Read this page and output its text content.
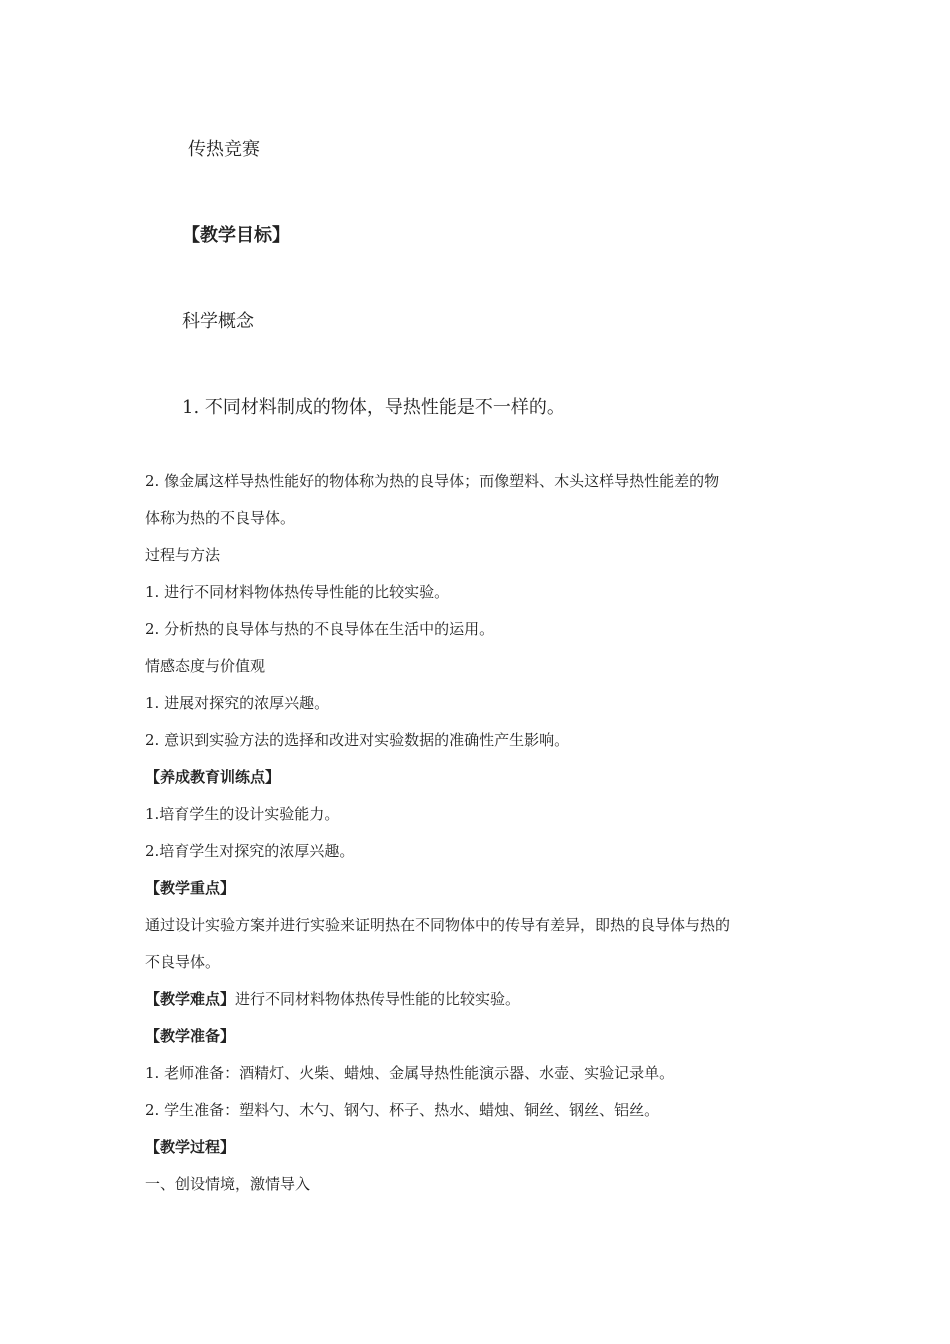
传热竞赛

【教学目标】

科学概念

1. 不同材料制成的物体，导热性能是不一样的。

2. 像金属这样导热性能好的物体称为热的良导体；而像塑料、木头这样导热性能差的物

体称为热的不良导体。

过程与方法

1. 进行不同材料物体热传导性能的比较实验。

2. 分析热的良导体与热的不良导体在生活中的运用。

情感态度与价值观

1. 进展对探究的浓厚兴趣。

2. 意识到实验方法的选择和改进对实验数据的准确性产生影响。

【养成教育训练点】

1.培育学生的设计实验能力。

2.培育学生对探究的浓厚兴趣。

【教学重点】

通过设计实验方案并进行实验来证明热在不同物体中的传导有差异，即热的良导体与热的

不良导体。

【教学难点】进行不同材料物体热传导性能的比较实验。

【教学准备】

1. 老师准备：酒精灯、火柴、蜡烛、金属导热性能演示器、水壶、实验记录单。

2. 学生准备：塑料勺、木勺、钢勺、杯子、热水、蜡烛、铜丝、钢丝、铝丝。

【教学过程】

一、创设情境，激情导入
